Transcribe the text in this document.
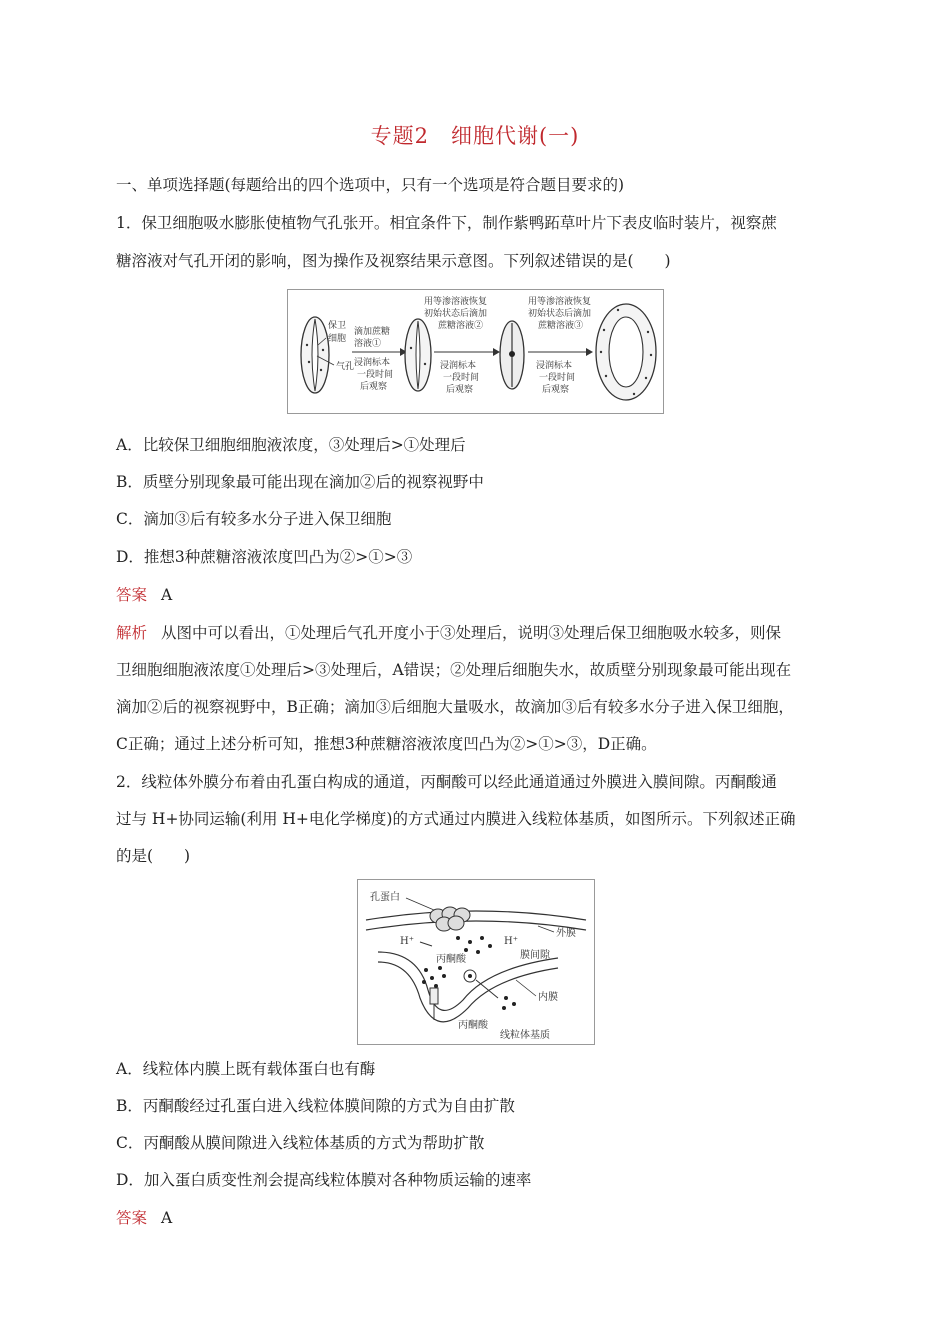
专题2　细胞代谢(一)

一、单项选择题(每题给出的四个选项中，只有一个选项是符合题目要求的)

1．保卫细胞吸水膨胀使植物气孔张开。相宜条件下，制作紫鸭跖草叶片下表皮临时装片，视察蔗

糖溶液对气孔开闭的影响，图为操作及视察结果示意图。下列叙述错误的是(　　)

保卫
细胞
气孔
滴加蔗糖
溶液①
浸润标本
一段时间
后观察
用等渗溶液恢复
初始状态后滴加
蔗糖溶液②
浸润标本
一段时间
后观察
用等渗溶液恢复
初始状态后滴加
蔗糖溶液③
浸润标本
一段时间
后观察

A．比较保卫细胞细胞液浓度，③处理后>①处理后

B．质壁分别现象最可能出现在滴加②后的视察视野中

C．滴加③后有较多水分子进入保卫细胞

D．推想3种蔗糖溶液浓度凹凸为②>①>③

答案 A

解析 从图中可以看出，①处理后气孔开度小于③处理后，说明③处理后保卫细胞吸水较多，则保

卫细胞细胞液浓度①处理后>③处理后，A错误；②处理后细胞失水，故质壁分别现象最可能出现在

滴加②后的视察视野中，B正确；滴加③后细胞大量吸水，故滴加③后有较多水分子进入保卫细胞，

C正确；通过上述分析可知，推想3种蔗糖溶液浓度凹凸为②>①>③，D正确。

2．线粒体外膜分布着由孔蛋白构成的通道，丙酮酸可以经此通道通过外膜进入膜间隙。丙酮酸通

过与 H+协同运输(利用 H+电化学梯度)的方式通过内膜进入线粒体基质，如图所示。下列叙述正确

的是(　　)

孔蛋白
外膜
H⁺	H⁺
丙酮酸	膜间隙
内膜
丙酮酸
线粒体基质

A．线粒体内膜上既有载体蛋白也有酶

B．丙酮酸经过孔蛋白进入线粒体膜间隙的方式为自由扩散

C．丙酮酸从膜间隙进入线粒体基质的方式为帮助扩散

D．加入蛋白质变性剂会提高线粒体膜对各种物质运输的速率

答案 A
